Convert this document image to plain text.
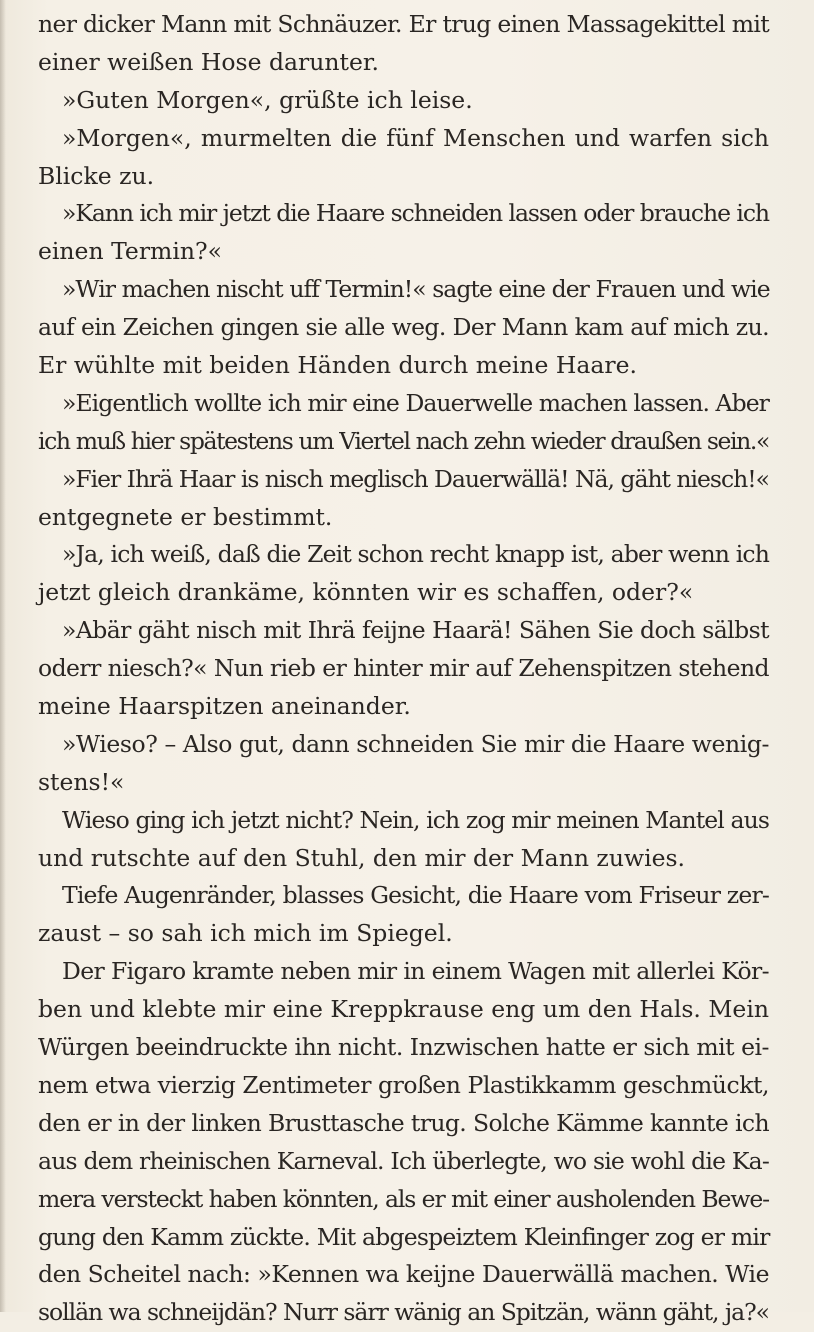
ner dicker Mann mit Schnäuzer. Er trug einen Massagekittel mit
einer weißen Hose darunter.
»Guten Morgen«, grüßte ich leise.
»Morgen«, murmelten die fünf Menschen und warfen sich
Blicke zu.
»Kann ich mir jetzt die Haare schneiden lassen oder brauche ich
einen Termin?«
»Wir machen nischt uff Termin!« sagte eine der Frauen und wie
auf ein Zeichen gingen sie alle weg. Der Mann kam auf mich zu.
Er wühlte mit beiden Händen durch meine Haare.
»Eigentlich wollte ich mir eine Dauerwelle machen lassen. Aber
ich muß hier spätestens um Viertel nach zehn wieder draußen sein.«
»Fier Ihrä Haar is nisch meglisch Dauerwällä! Nä, gäht niesch!«
entgegnete er bestimmt.
»Ja, ich weiß, daß die Zeit schon recht knapp ist, aber wenn ich
jetzt gleich drankäme, könnten wir es schaffen, oder?«
»Abär gäht nisch mit Ihrä feijne Haarä! Sähen Sie doch sälbst
oderr niesch?« Nun rieb er hinter mir auf Zehenspitzen stehend
meine Haarspitzen aneinander.
»Wieso? – Also gut, dann schneiden Sie mir die Haare wenig-
stens!«
Wieso ging ich jetzt nicht? Nein, ich zog mir meinen Mantel aus
und rutschte auf den Stuhl, den mir der Mann zuwies.
Tiefe Augenränder, blasses Gesicht, die Haare vom Friseur zer-
zaust – so sah ich mich im Spiegel.
Der Figaro kramte neben mir in einem Wagen mit allerlei Kör-
ben und klebte mir eine Kreppkrause eng um den Hals. Mein
Würgen beeindruckte ihn nicht. Inzwischen hatte er sich mit ei-
nem etwa vierzig Zentimeter großen Plastikkamm geschmückt,
den er in der linken Brusttasche trug. Solche Kämme kannte ich
aus dem rheinischen Karneval. Ich überlegte, wo sie wohl die Ka-
mera versteckt haben könnten, als er mit einer ausholenden Bewe-
gung den Kamm zückte. Mit abgespeiztem Kleinfinger zog er mir
den Scheitel nach: »Kennen wa keijne Dauerwällä machen. Wie
sollän wa schneijdän? Nurr särr wänig an Spitzän, wänn gäht, ja?«
